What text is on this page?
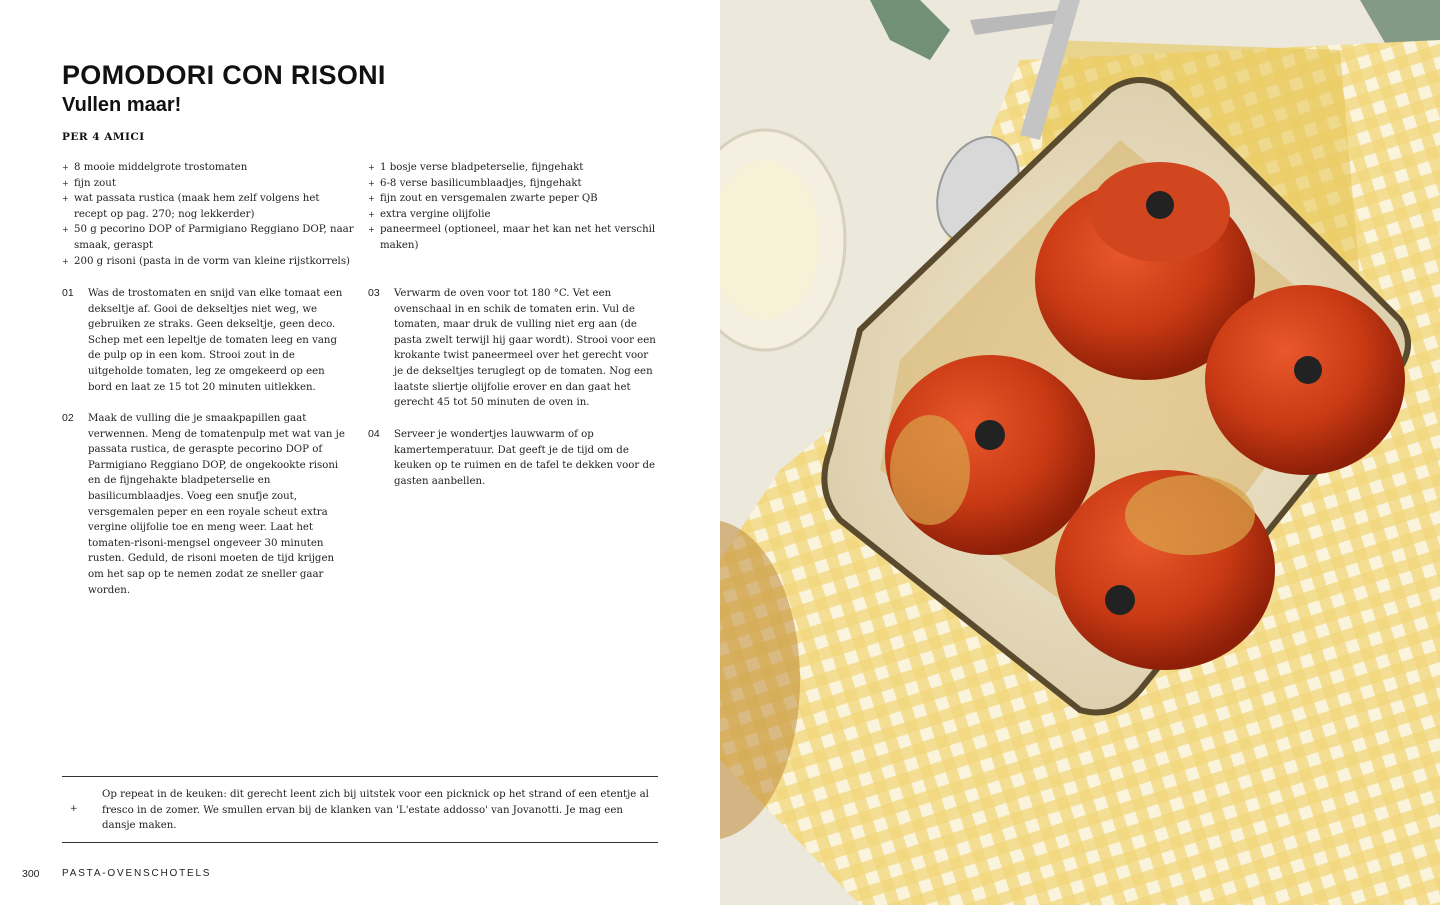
POMODORI CON RISONI
Vullen maar!
PER 4 AMICI
+ 8 mooie middelgrote trostomaten
+ fijn zout
+ wat passata rustica (maak hem zelf volgens het recept op pag. 270; nog lekkerder)
+ 50 g pecorino DOP of Parmigiano Reggiano DOP, naar smaak, geraspt
+ 200 g risoni (pasta in de vorm van kleine rijstkorrels)
+ 1 bosje verse bladpeterselie, fijngehakt
+ 6-8 verse basilicumblaadjes, fijngehakt
+ fijn zout en versgemalen zwarte peper QB
+ extra vergine olijfolie
+ paneermeel (optioneel, maar het kan net het verschil maken)
01 Was de trostomaten en snijd van elke tomaat een dekseltje af. Gooi de dekseltjes niet weg, we gebruiken ze straks. Geen dekseltje, geen deco. Schep met een lepeltje de tomaten leeg en vang de pulp op in een kom. Strooi zout in de uitgeholde tomaten, leg ze omgekeerd op een bord en laat ze 15 tot 20 minuten uitlekken.

02 Maak de vulling die je smaakpapillen gaat verwennen. Meng de tomatenpulp met wat van je passata rustica, de geraspte pecorino DOP of Parmigiano Reggiano DOP, de ongekookte risoni en de fijngehakte bladpeterselie en basilicumblaadjes. Voeg een snufje zout, versgemalen peper en een royale scheut extra vergine olijfolie toe en meng weer. Laat het tomaten-risoni-mengsel ongeveer 30 minuten rusten. Geduld, de risoni moeten de tijd krijgen om het sap op te nemen zodat ze sneller gaar worden.

03 Verwarm de oven voor tot 180 °C. Vet een ovenschaal in en schik de tomaten erin. Vul de tomaten, maar druk de vulling niet erg aan (de pasta zwelt terwijl hij gaar wordt). Strooi voor een krokante twist paneermeel over het gerecht voor je de dekseltjes teruglegt op de tomaten. Nog een laatste sliertje olijfolie erover en dan gaat het gerecht 45 tot 50 minuten de oven in.

04 Serveer je wondertjes lauwwarm of op kamertemperatuur. Dat geeft je de tijd om de keuken op te ruimen en de tafel te dekken voor de gasten aanbellen.

+

Op repeat in de keuken: dit gerecht leent zich bij uitstek voor een picknick op het strand of een etentje al fresco in de zomer. We smullen ervan bij de klanken van 'L'estate addosso' van Jovanotti. Je mag een dansje maken.

300 PASTA-OVENSCHOTELS
